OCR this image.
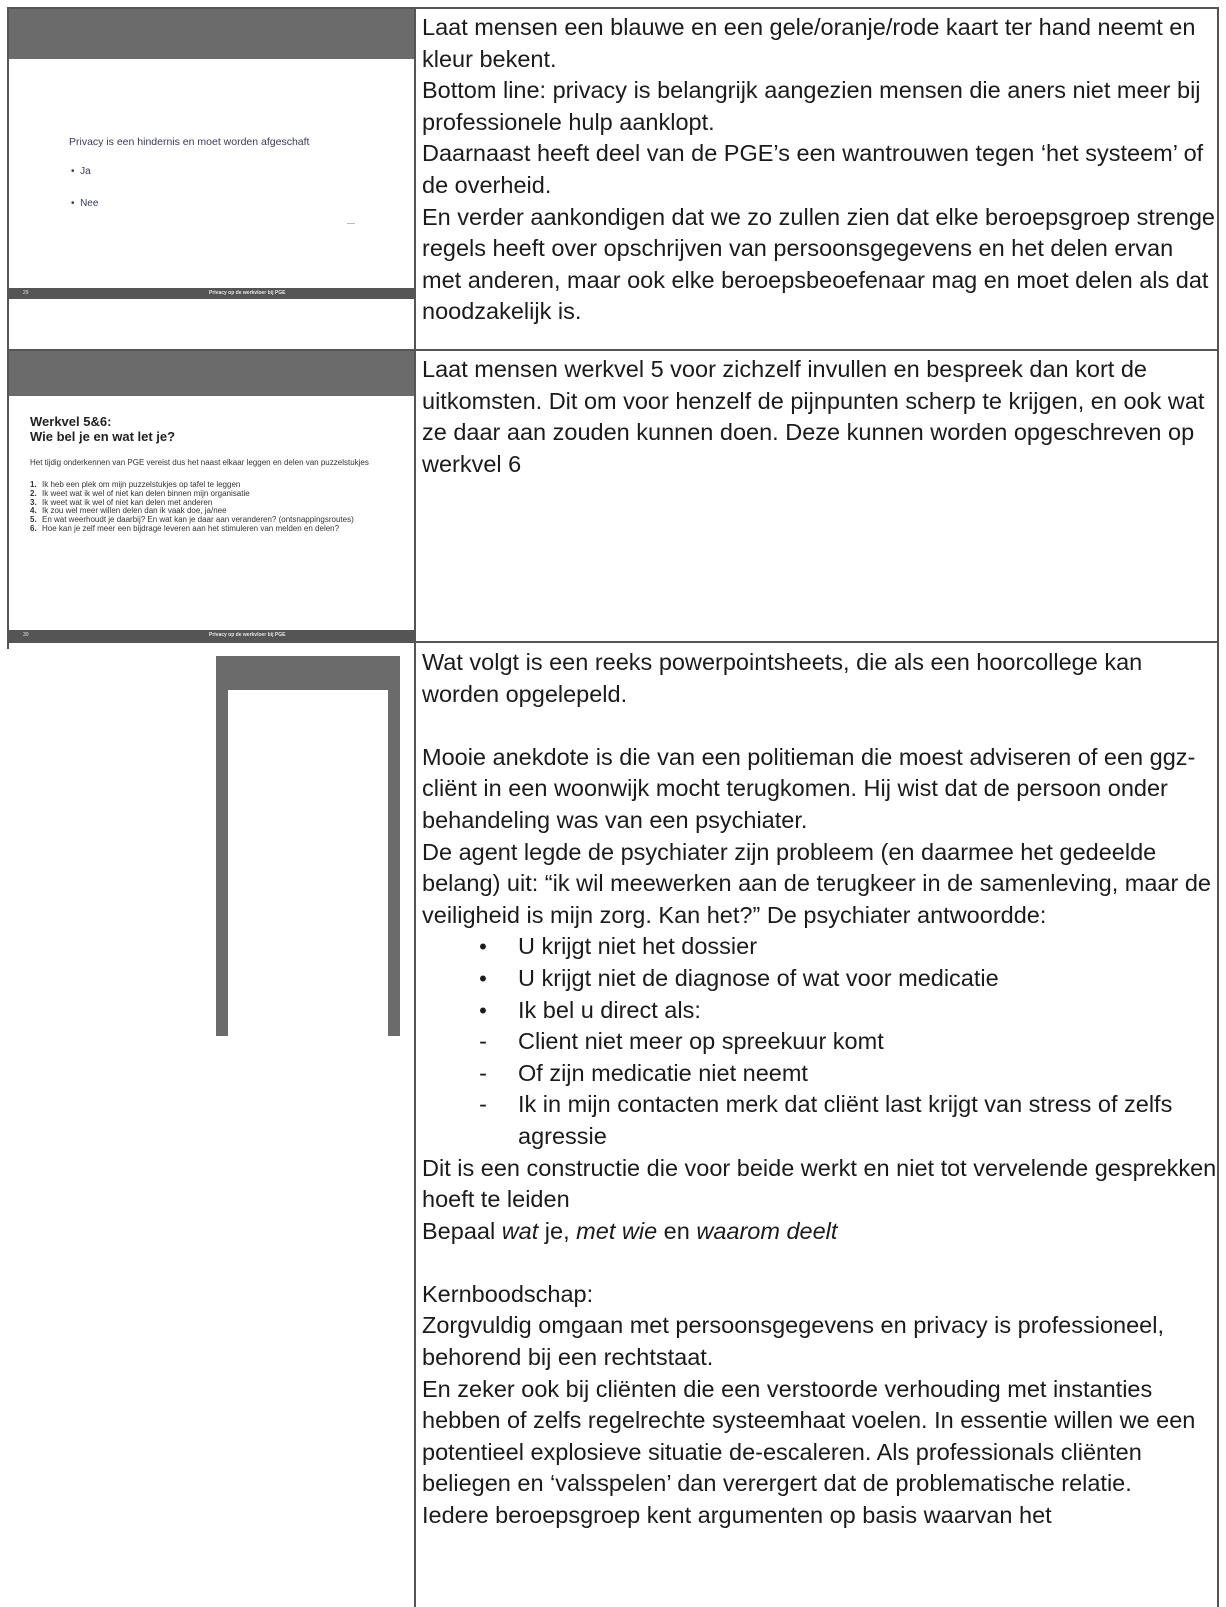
Privacy is een hindernis en moet worden afgeschaft
•  Ja
•  Nee
29	Privacy op de werkvloer bij PGE

Laat mensen een blauwe en een gele/oranje/rode kaart ter hand neemt en kleur bekent.

Bottom line: privacy is belangrijk aangezien mensen die aners niet meer bij professionele hulp aanklopt.

Daarnaast heeft deel van de PGE’s een wantrouwen tegen ‘het systeem’ of de overheid.

En verder aankondigen dat we zo zullen zien dat elke beroepsgroep strenge regels heeft over opschrijven van persoonsgegevens en het delen ervan met anderen, maar ook elke beroepsbeoefenaar mag en moet delen als dat noodzakelijk is.

30	Privacy op de werkvloer bij PGE
Werkvel 5&6:
Wie bel je en wat let je?
Het tijdig onderkennen van PGE vereist dus het naast elkaar leggen en delen van puzzelstukjes
1. Ik heb een plek om mijn puzzelstukjes op tafel te leggen
2. Ik weet wat ik wel of niet kan delen binnen mijn organisatie
3. Ik weet wat ik wel of niet kan delen met anderen
4. Ik zou wel meer willen delen dan ik vaak doe, ja/nee
5. En wat weerhoudt je daarbij? En wat kan je daar aan veranderen? (ontsnappingsroutes)
6. Hoe kan je zelf meer een bijdrage leveren aan het stimuleren van melden en delen?

Laat mensen werkvel 5 voor zichzelf invullen en bespreek dan kort de uitkomsten. Dit om voor henzelf de pijnpunten scherp te krijgen, en ook wat ze daar aan zouden kunnen doen. Deze kunnen worden opgeschreven op werkvel 6

Wat volgt is een reeks powerpointsheets, die als een hoorcollege kan worden opgelepeld.

Mooie anekdote is die van een politieman die moest adviseren of een ggz-cliënt in een woonwijk mocht terugkomen. Hij wist dat de persoon onder behandeling was van een psychiater.

De agent legde de psychiater zijn probleem (en daarmee het gedeelde belang) uit: “ik wil meewerken aan de terugkeer in de samenleving, maar de veiligheid is mijn zorg. Kan het?” De psychiater antwoordde:

•
U krijgt niet het dossier
•
U krijgt niet de diagnose of wat voor medicatie
•
Ik bel u direct als:
-
Client niet meer op spreekuur komt
-
Of zijn medicatie niet neemt
-
Ik in mijn contacten merk dat cliënt last krijgt van stress of zelfs agressie

Dit is een constructie die voor beide werkt en niet tot vervelende gesprekken hoeft te leiden

Bepaal wat je, met wie en waarom deelt

Kernboodschap:

Zorgvuldig omgaan met persoonsgegevens en privacy is professioneel, behorend bij een rechtstaat.

En zeker ook bij cliënten die een verstoorde verhouding met instanties hebben of zelfs regelrechte systeemhaat voelen. In essentie willen we een potentieel explosieve situatie de-escaleren. Als professionals cliënten beliegen en ‘valsspelen’ dan verergert dat de problematische relatie.

Iedere beroepsgroep kent argumenten op basis waarvan het
